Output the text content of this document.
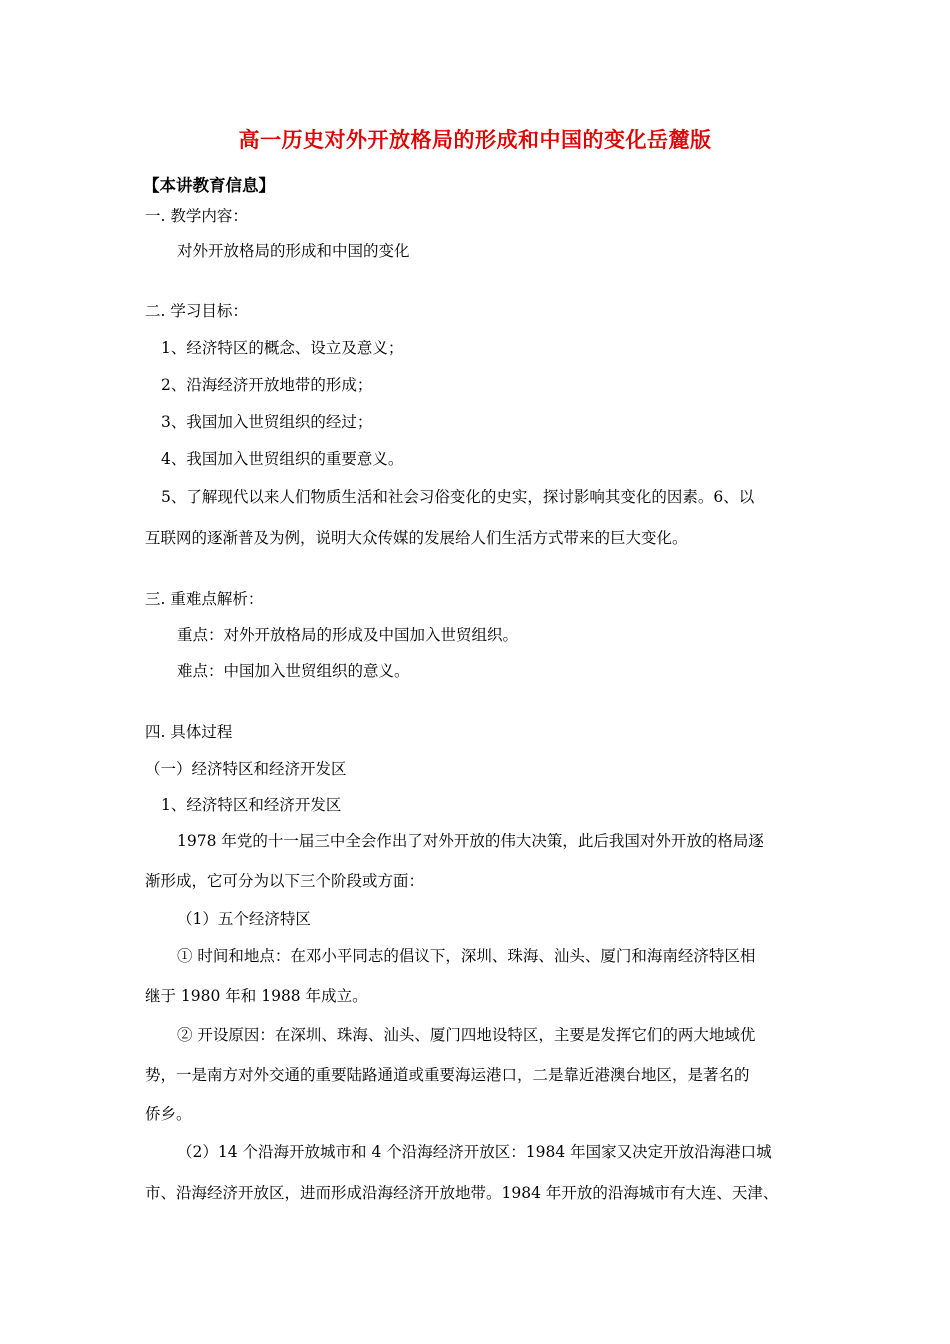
高一历史对外开放格局的形成和中国的变化岳麓版
【本讲教育信息】
一. 教学内容：
对外开放格局的形成和中国的变化
二. 学习目标：
1、经济特区的概念、设立及意义；
2、沿海经济开放地带的形成；
3、我国加入世贸组织的经过；
4、我国加入世贸组织的重要意义。
5、了解现代以来人们物质生活和社会习俗变化的史实，探讨影响其变化的因素。6、以
互联网的逐渐普及为例，说明大众传媒的发展给人们生活方式带来的巨大变化。
三. 重难点解析：
重点：对外开放格局的形成及中国加入世贸组织。
难点：中国加入世贸组织的意义。
四. 具体过程
（一）经济特区和经济开发区
1、经济特区和经济开发区
1978 年党的十一届三中全会作出了对外开放的伟大决策，此后我国对外开放的格局逐
渐形成，它可分为以下三个阶段或方面：
（1）五个经济特区
① 时间和地点：在邓小平同志的倡议下，深圳、珠海、汕头、厦门和海南经济特区相
继于 1980 年和 1988 年成立。
② 开设原因：在深圳、珠海、汕头、厦门四地设特区，主要是发挥它们的两大地域优
势，一是南方对外交通的重要陆路通道或重要海运港口，二是靠近港澳台地区，是著名的
侨乡。
（2）14 个沿海开放城市和 4 个沿海经济开放区：1984 年国家又决定开放沿海港口城
市、沿海经济开放区，进而形成沿海经济开放地带。1984 年开放的沿海城市有大连、天津、
